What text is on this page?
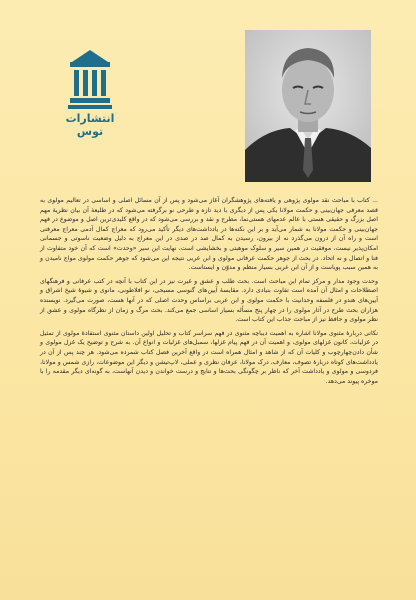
انتشارات توس

... کتاب با مباحث نقد مولوی پژوهی و یافته‌های پژوهشگران آغاز می‌شود و پس از آن مسائل اصلی و اساسی در تعالیم مولوی به قصد معرفی جهان‌بینی و حکمت مولانا یکی پس از دیگری با دید تازه و طرحی نو برگرفته می‌شود که در طلیعهٔ آن بیان نظریهٔ مهم اصل بزرگ و حقیقی هستی با عالم عدمهای هستی‌نما، مطرح و نقد و بررسی می‌شود که در واقع کلیدی‌ترین اصل و موضوع در فهم جهان‌بینی و حکمت مولانا به شمار می‌آید و بر این نکته‌ها در یادداشت‌های دیگر تأکید می‌رود که معراج کمال آدمی معراج معرفتی است و راه آن از درون می‌گذرد نه از بیرون، رسیدن به کمال صد در صدی در این معراج به دلیل وضعیت ناسوتی و جسمانی امکان‌پذیر نیست، موفقیت در همین سیر و سلوک موهبتی و بخشایشی است، نهایت این سیر «وحدت» است که آن خود متفاوت از فنا و اتصال و نه اتحاد. در بحث از جوهر حکمت عرفانی مولوی و ابن عربی نتیجه این می‌شود که جوهر حکمت مولوی مواج نامیدن و به همین سبب پویاست و از آن ابن عربی بسیار منظم و مدوّن و ایستاست.

وحدت وجود مدار و مرکز تمام این مباحث است. بحث طلب و عشق و غیرت نیز در این کتاب با آنچه در کتب عرفانی و فرهنگهای اصطلاحات و امثال آن آمده است تفاوت بنیادی دارد. مقایسهٔ آیین‌های گنوسی مسیحی، نو افلاطونی، مانوی و شیوهٔ شیخ اشراق و آیین‌های هندو در فلسفه وحدانیت با حکمت مولوی و ابن عربی براساس وحدت اصلی که در آنها هست، صورت می‌گیرد. نویسنده هزاران بحث طرح در آثار مولوی را در چهار پنج مسأله بسیار اساسی جمع می‌کند. بحث مرگ و زمان از نظرگاه مولوی و عشق از نظر مولوی و حافظ نیز از مباحث جذاب این کتاب است.

نکاتی دربارهٔ مثنوی مولانا اشاره به اهمیت دیباچه مثنوی در فهم سراسر کتاب و تحلیل اولین داستان مثنوی استفادهٔ مولوی از تمثیل در غزلیات، کانون غزلهای مولوی، و اهمیت آن در فهم پیام غزلها، سمبل‌های غزلیات و انواع آن. به شرح و توضیح یک غزل مولوی و شأن دادن‌چهارچوب و کلیات آن که از شاهد و امثال همراه است در واقع آخرین فصل کتاب شمرده می‌شود. هر چند پس از آن در یادداشت‌های کوتاه دربارهٔ تصوف، معارف، درک مولانا، عرفان نظری و عملی، لاپ‌تیشن و دیگر این موضوعات، رازی شمس و مولانا، فردوسی و مولوی و یادداشت آخر که ناظر بر چگونگی بحث‌ها و نتایج و درست خواندن و دیدن آنهاست، به گونه‌ای دیگر مقدمه را با موخره پیوند می‌دهد.
